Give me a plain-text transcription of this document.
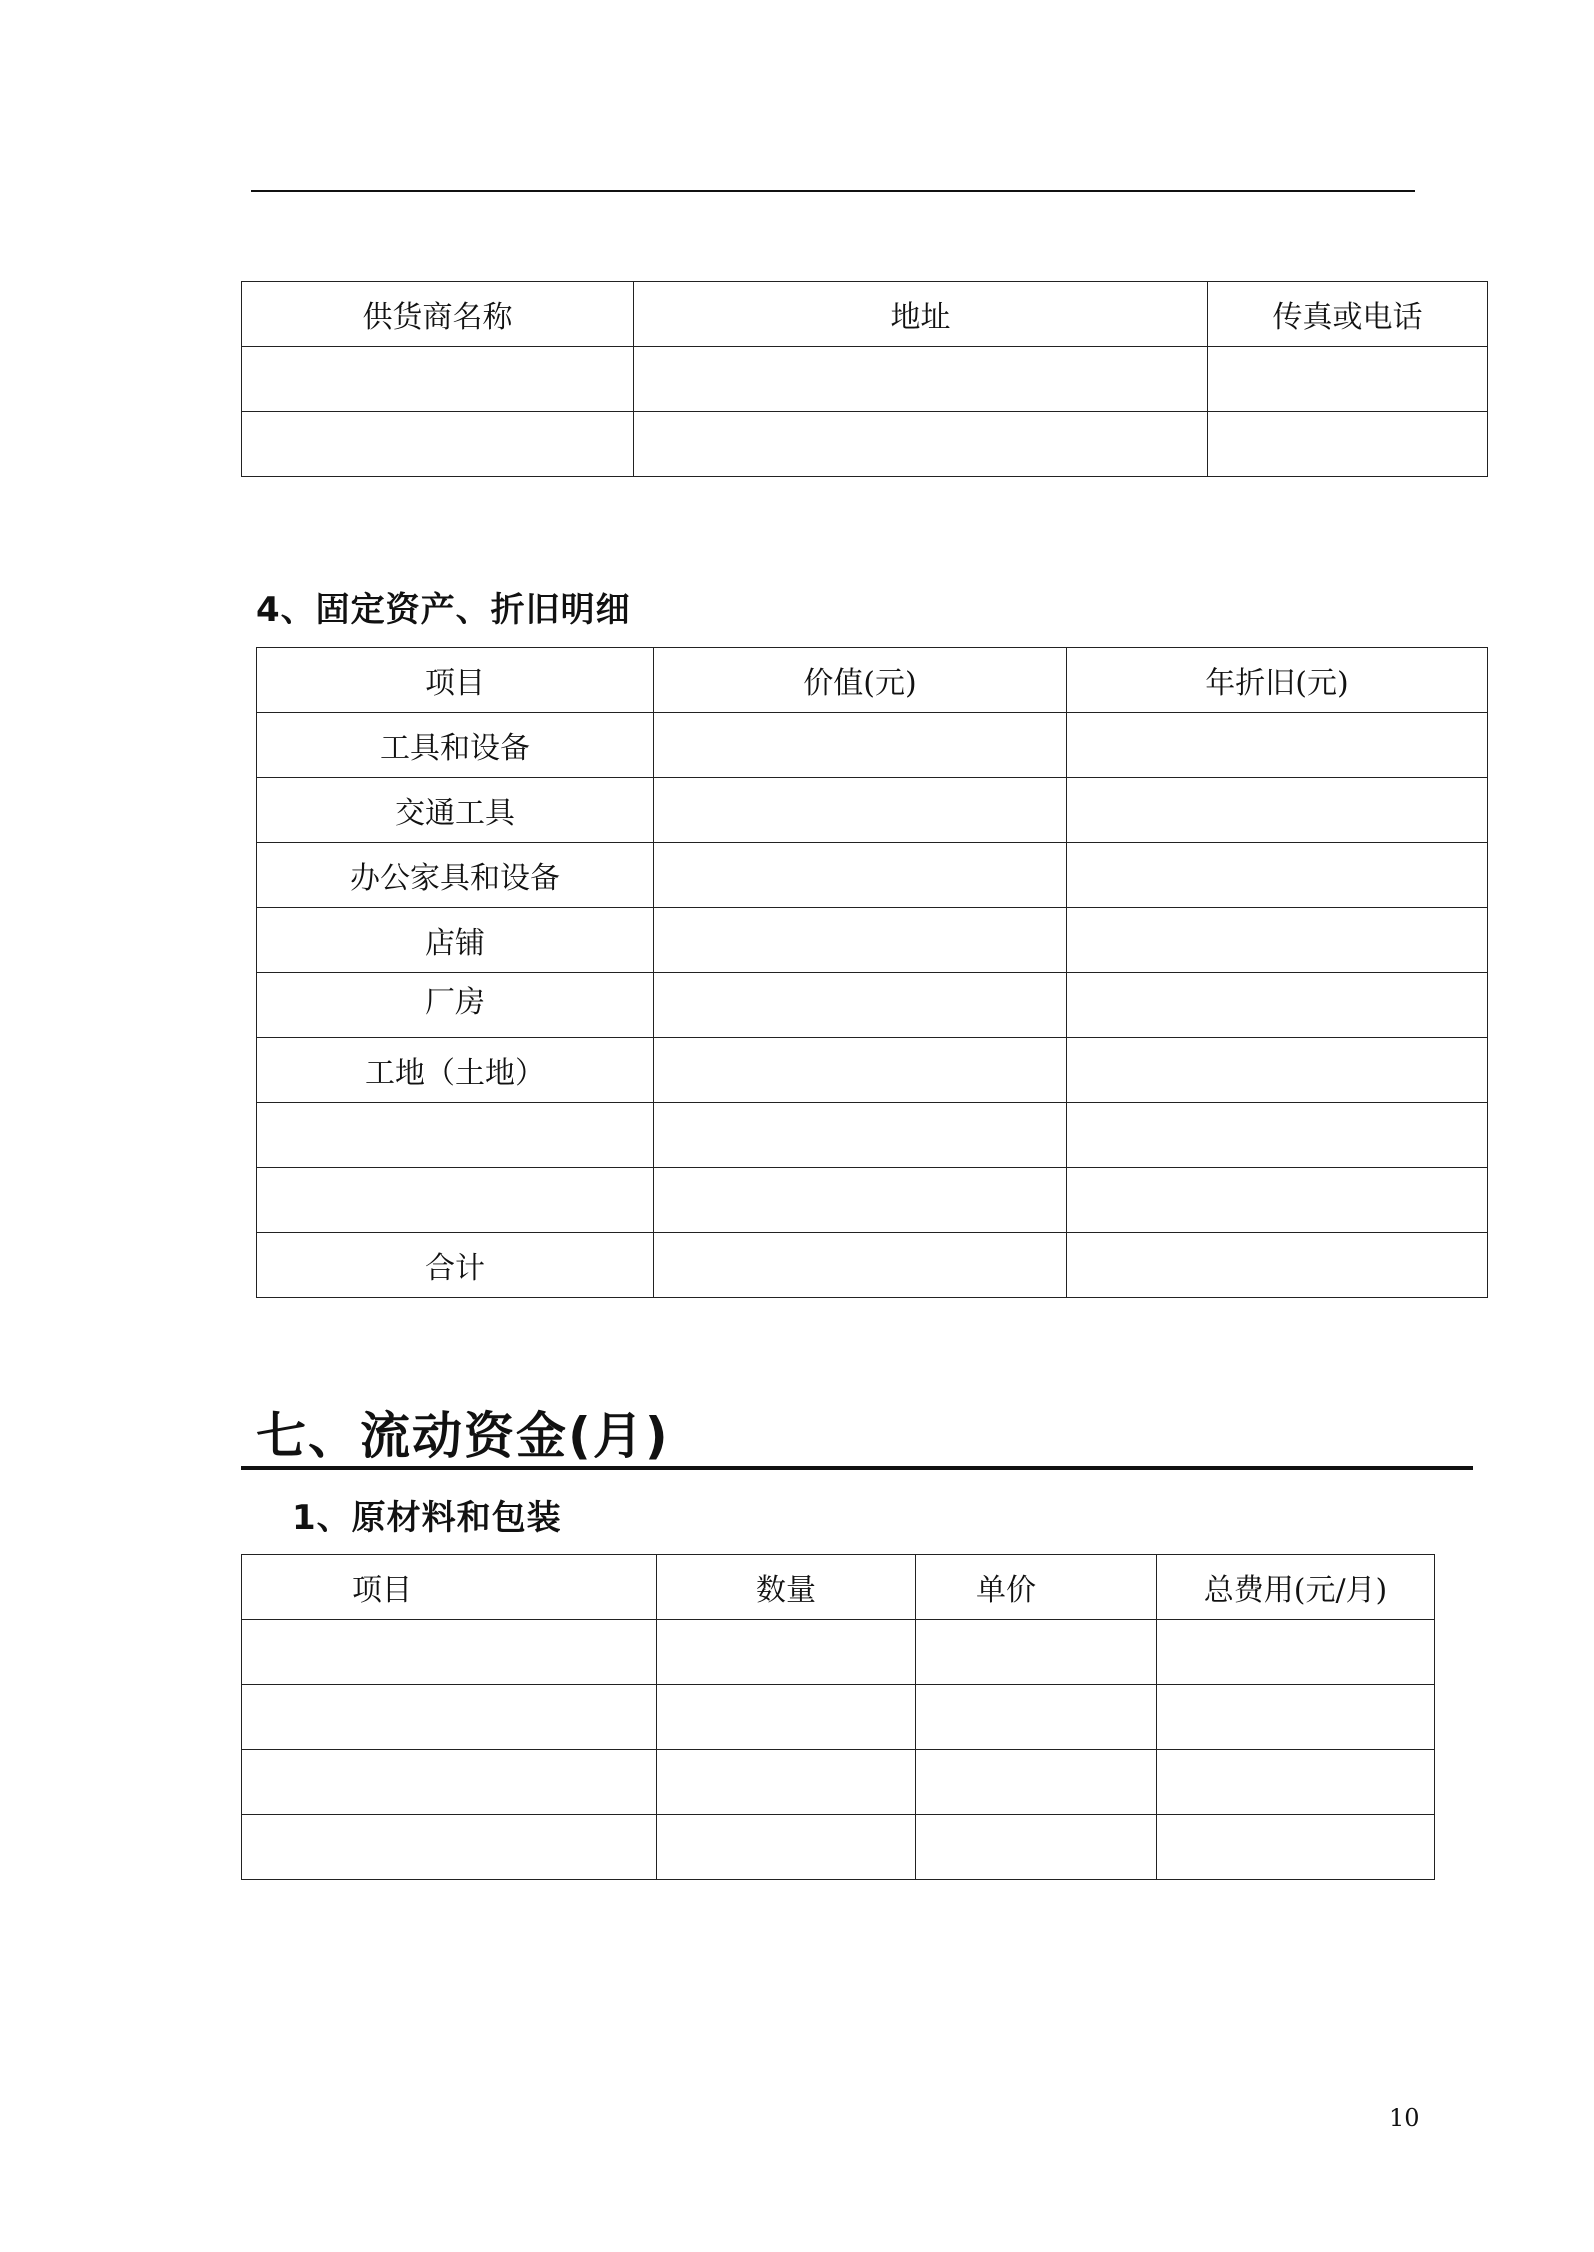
供货商名称	地址	传真或电话

4、固定资产、折旧明细
项目	价值(元)	年折旧(元)
工具和设备		
交通工具		
办公家具和设备		
店铺		
厂房		
工地（土地）		

合计		
七、流动资金(月)
1、原材料和包装
项目	数量	单价	总费用(元/月)

10
